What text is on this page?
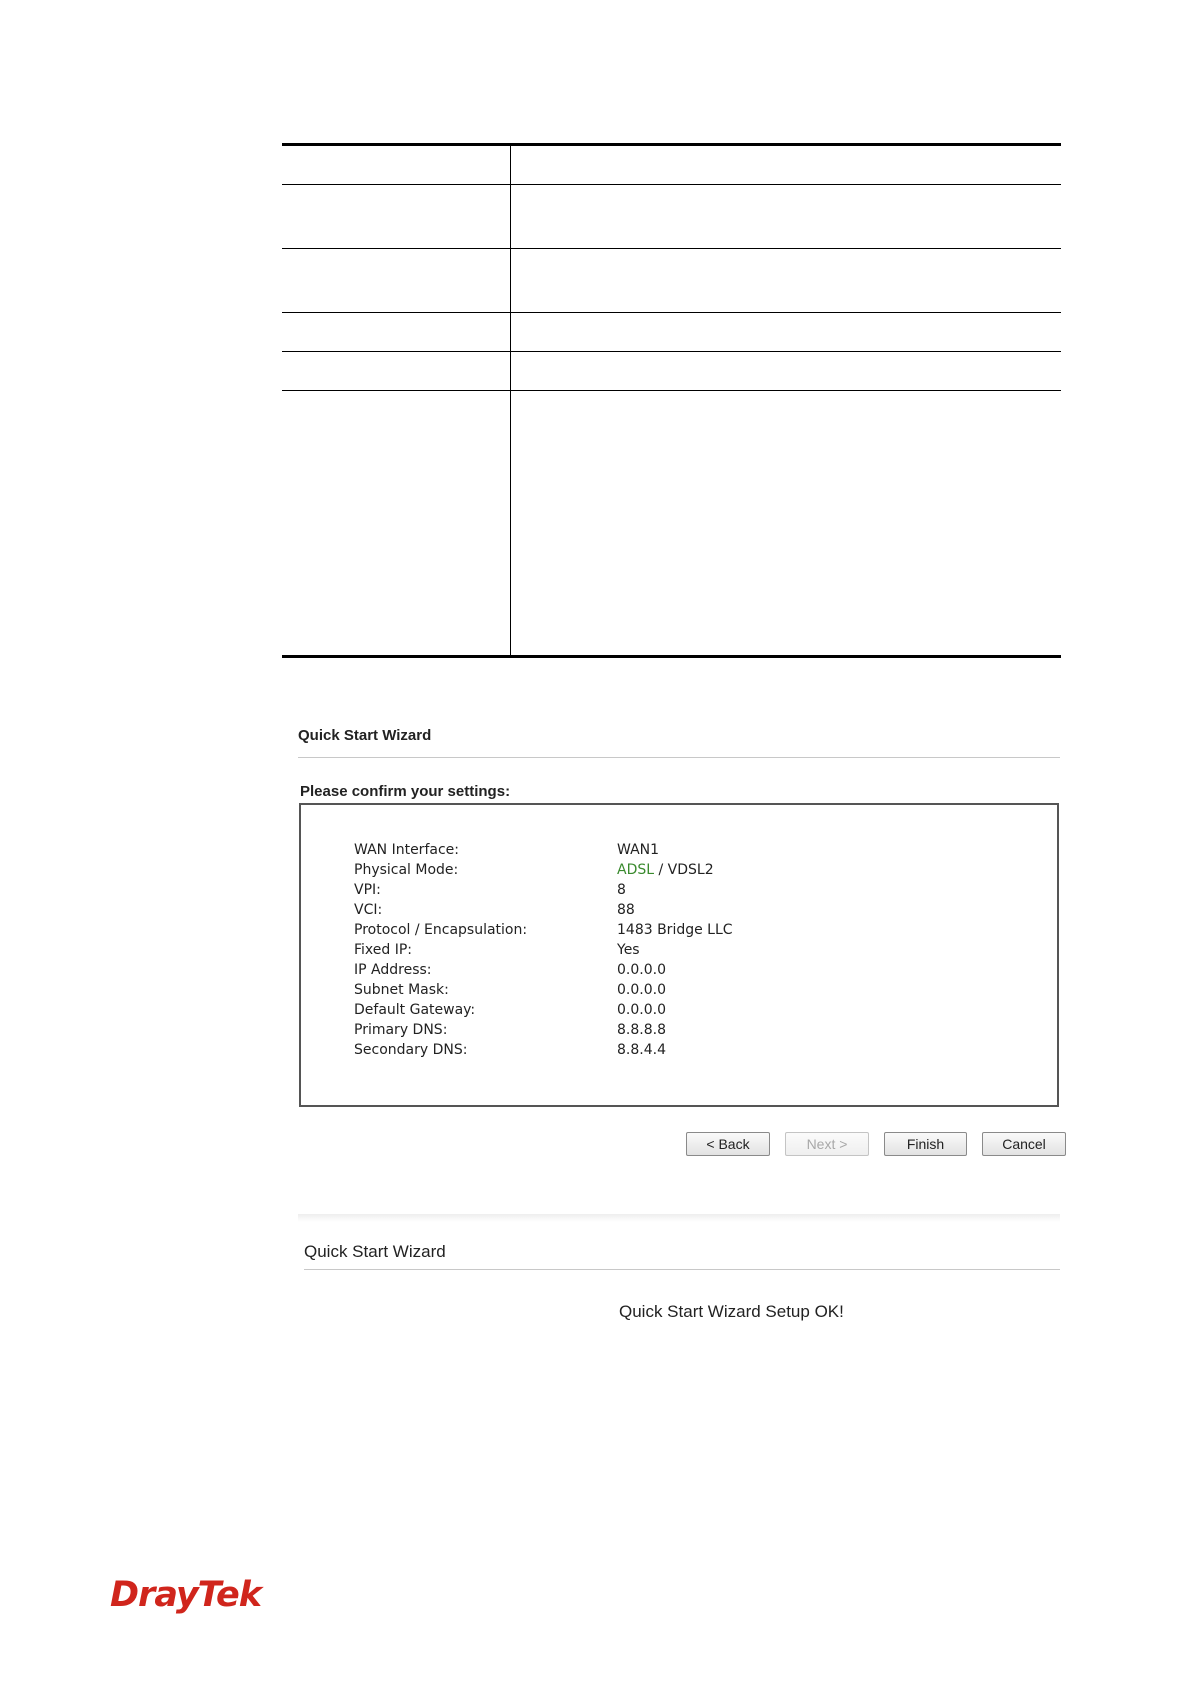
Quick Start Wizard
Please confirm your settings:
WAN Interface:	WAN1
Physical Mode:	ADSL / VDSL2
VPI:	8
VCI:	88
Protocol / Encapsulation:	1483 Bridge LLC
Fixed IP:	Yes
IP Address:	0.0.0.0
Subnet Mask:	0.0.0.0
Default Gateway:	0.0.0.0
Primary DNS:	8.8.8.8
Secondary DNS:	8.8.4.4
< Back	Next >	Finish	Cancel
Quick Start Wizard
Quick Start Wizard Setup OK!
DrayTek
